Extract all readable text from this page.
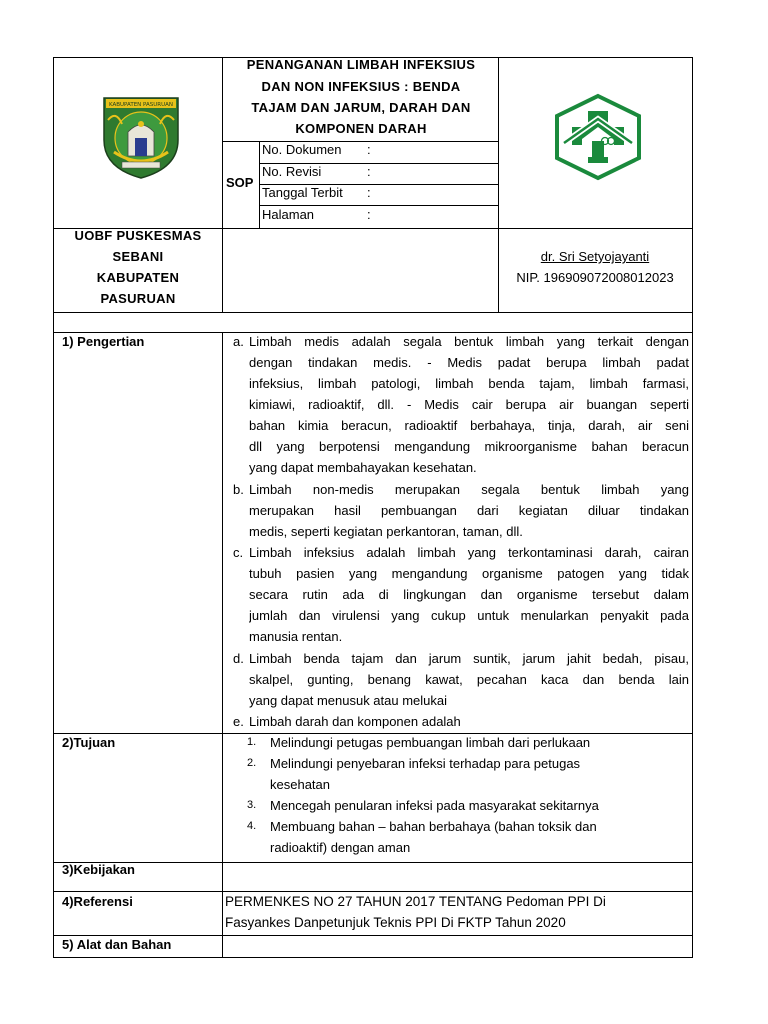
KABUPATEN PASURUAN
PENANGANAN LIMBAH INFEKSIUS
DAN NON INFEKSIUS : BENDA
TAJAM DAN JARUM, DARAH DAN
KOMPONEN DARAH
SOP
No. Dokumen :
No. Revisi	:
Tanggal Terbit :
Halaman	:
UOBF PUSKESMAS
SEBANI
KABUPATEN
PASURUAN
dr. Sri Setyojayanti
NIP. 196909072008012023
1) Pengertian	a. Limbah medis adalah segala bentuk limbah yang terkait dengan
dengan tindakan medis. - Medis padat berupa limbah padat
infeksius, limbah patologi, limbah benda tajam, limbah farmasi,
kimiawi, radioaktif, dll. - Medis cair berupa air buangan seperti
bahan kimia beracun, radioaktif berbahaya, tinja, darah, air seni
dll yang berpotensi mengandung mikroorganisme bahan beracun
yang dapat membahayakan kesehatan.
b. Limbah non-medis merupakan segala bentuk limbah yang
merupakan hasil pembuangan dari kegiatan diluar tindakan
medis, seperti kegiatan perkantoran, taman, dll.
c. Limbah infeksius adalah limbah yang terkontaminasi darah, cairan
tubuh pasien yang mengandung organisme patogen yang tidak
secara rutin ada di lingkungan dan organisme tersebut dalam
jumlah dan virulensi yang cukup untuk menularkan penyakit pada
manusia rentan.
d. Limbah benda tajam dan jarum suntik, jarum jahit bedah, pisau,
skalpel, gunting, benang kawat, pecahan kaca dan benda lain
yang dapat menusuk atau melukai
e. Limbah darah dan komponen adalah
2)Tujuan	1. Melindungi petugas pembuangan limbah dari perlukaan
2. Melindungi penyebaran infeksi terhadap para petugas
kesehatan
3. Mencegah penularan infeksi pada masyarakat sekitarnya
4. Membuang bahan – bahan berbahaya (bahan toksik dan
radioaktif) dengan aman
3)Kebijakan
4)Referensi	PERMENKES NO 27 TAHUN 2017 TENTANG Pedoman PPI Di
Fasyankes Danpetunjuk Teknis PPI Di FKTP Tahun 2020
5) Alat dan Bahan
